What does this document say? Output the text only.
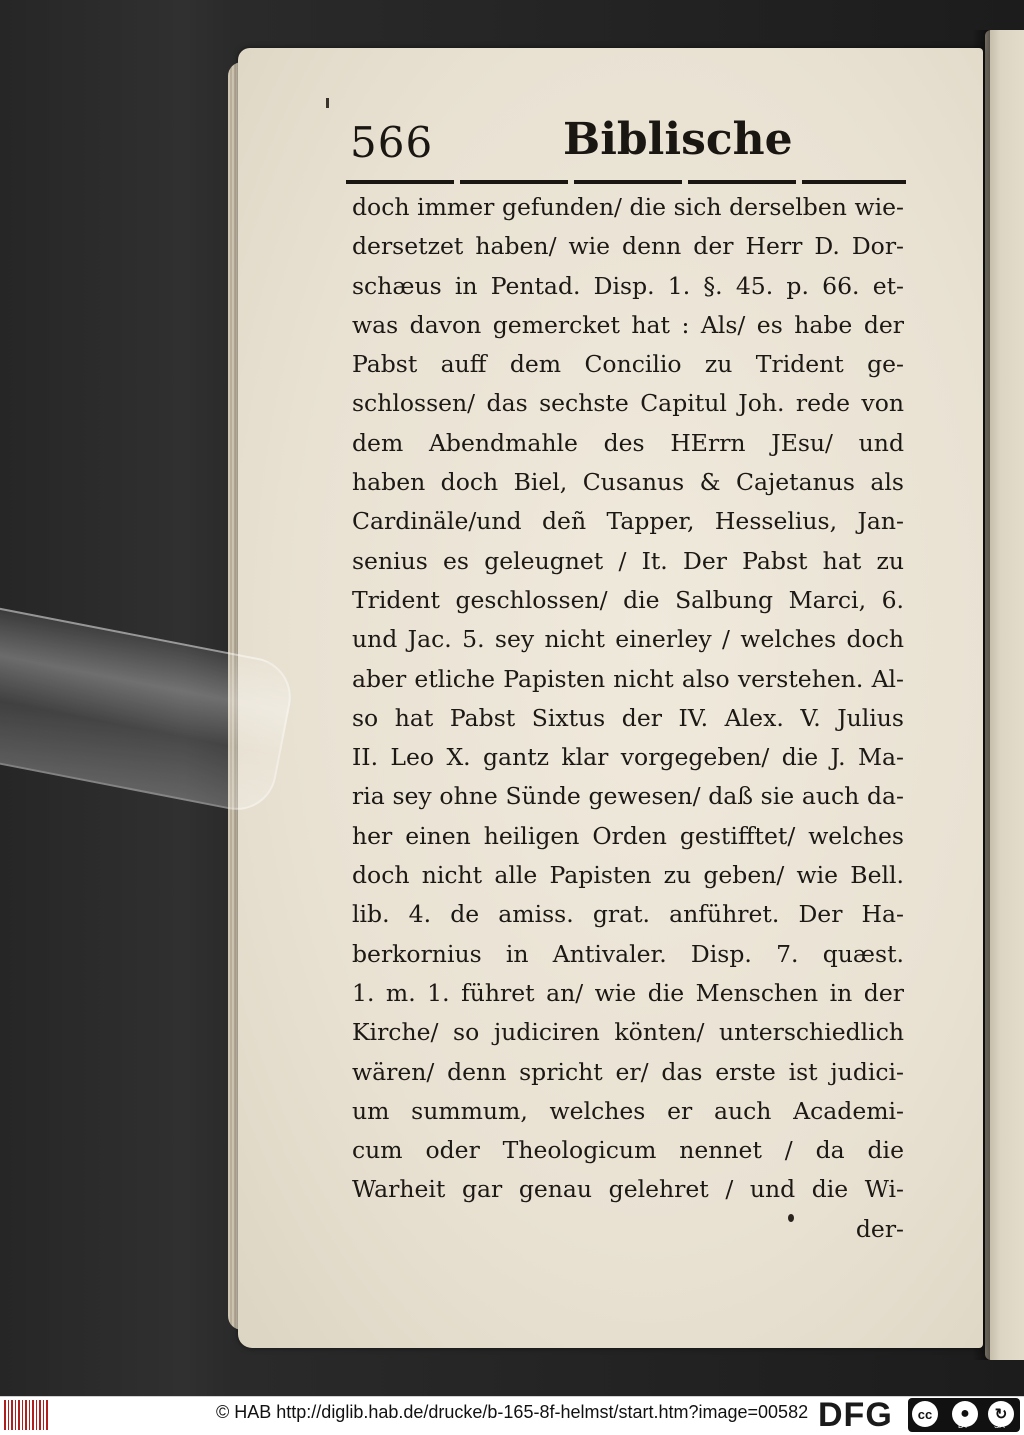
566	Biblische
doch immer gefunden/ die sich derselben wie-
dersetzet haben/ wie denn der Herr D. Dor-
schæus in Pentad. Disp. 1. §. 45. p. 66. et-
was davon gemercket hat : Als/ es habe der
Pabst auff dem Concilio zu Trident ge-
schlossen/ das sechste Capitul Joh. rede von
dem Abendmahle des HErrn JEsu/ und
haben doch Biel, Cusanus & Cajetanus als
Cardinäle/und deñ Tapper, Hesselius, Jan-
senius es geleugnet / It. Der Pabst hat zu
Trident geschlossen/ die Salbung Marci, 6.
und Jac. 5. sey nicht einerley / welches doch
aber etliche Papisten nicht also verstehen. Al-
so hat Pabst Sixtus der IV. Alex. V. Julius
II. Leo X. gantz klar vorgegeben/ die J. Ma-
ria sey ohne Sünde gewesen/ daß sie auch da-
her einen heiligen Orden gestifftet/ welches
doch nicht alle Papisten zu geben/ wie Bell.
lib. 4. de amiss. grat. anführet. Der Ha-
berkornius in Antivaler. Disp. 7. quæst.
1. m. 1. führet an/ wie die Menschen in der
Kirche/ so judiciren könten/ unterschiedlich
wären/ denn spricht er/ das erste ist judici-
um summum, welches er auch Academi-
cum oder Theologicum nennet / da die
Warheit gar genau gelehret / und die Wi-
der-
© HAB http://diglib.hab.de/drucke/b-165-8f-helmst/start.htm?image=00582 DFG	cc	●
BY
↻
SA
